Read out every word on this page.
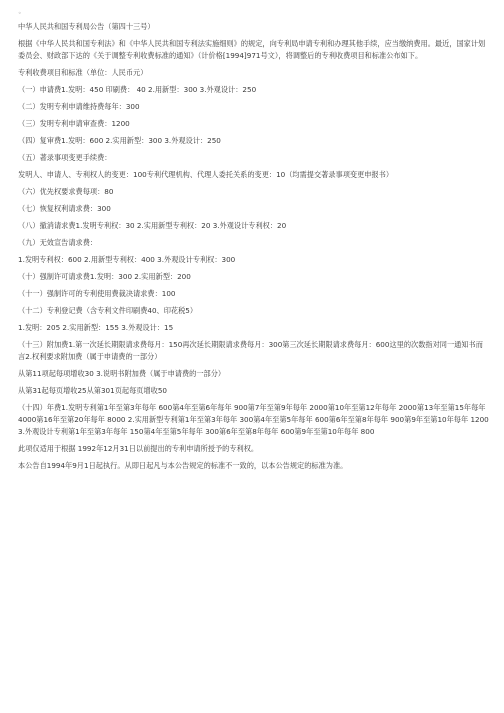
◦
中华人民共和国专利局公告（第四十三号）
根据《中华人民共和国专利法》和《中华人民共和国专利法实施细则》的规定，向专利局申请专利和办理其他手续，应当缴纳费用。最近，国家计划委员会、财政部下达的《关于调整专利收费标准的通知》（计价格[1994]971号文），将调整后的专利收费项目和标准公布如下。
专利收费项目和标准（单位：人民币元）
（一）申请费1.发明：450 印刷费： 40 2.用新型：300 3.外观设计：250
（二）发明专利申请维持费每年：300
（三）发明专利申请审查费：1200
（四）复审费1.发明：600 2.实用新型：300 3.外观设计：250
（五）著录事项变更手续费：
发明人、申请人、专利权人的变更：100专利代理机构、代理人委托关系的变更：10（均需提交著录事项变更申报书）
（六）优先权要求费每项：80
（七）恢复权利请求费：300
（八）撤消请求费1.发明专利权：30 2.实用新型专利权：20 3.外观设计专利权：20
（九）无效宣告请求费：
1.发明专利权：600 2.用新型专利权：400 3.外观设计专利权：300
（十）强制许可请求费1.发明：300 2.实用新型：200
（十一）强制许可的专利使用费裁决请求费：100
（十二）专利登记费（含专利文件印刷费40、印花税5）
1.发明：205 2.实用新型：155 3.外观设计：15
（十三）附加费1.第一次延长期限请求费每月：150再次延长期限请求费每月：300第三次延长期限请求费每月：600这里的次数指对同一通知书而言2.权利要求附加费（属于申请费的一部分）
从第11项起每项增收30 3.说明书附加费（属于申请费的一部分）
从第31起每页增收25从第301页起每页增收50
（十四）年费1.发明专利第1年至第3年每年 600第4年至第6年每年 900第7年至第9年每年 2000第10年至第12年每年 2000第13年至第15年每年 4000第16年至第20年每年 8000 2.实用新型专利第1年至第3年每年 300第4年至第5年每年 600第6年至第8年每年 900第9年至第10年每年 1200 3.外观设计专利第1年至第3年每年 150第4年至第5年每年 300第6年至第8年每年 600第9年至第10年每年 800
此项仅适用于根据 1992年12月31日以前提出的专利申请所授予的专利权。
本公告自1994年9月1日起执行。从即日起凡与本公告规定的标准不一致的，以本公告规定的标准为准。
